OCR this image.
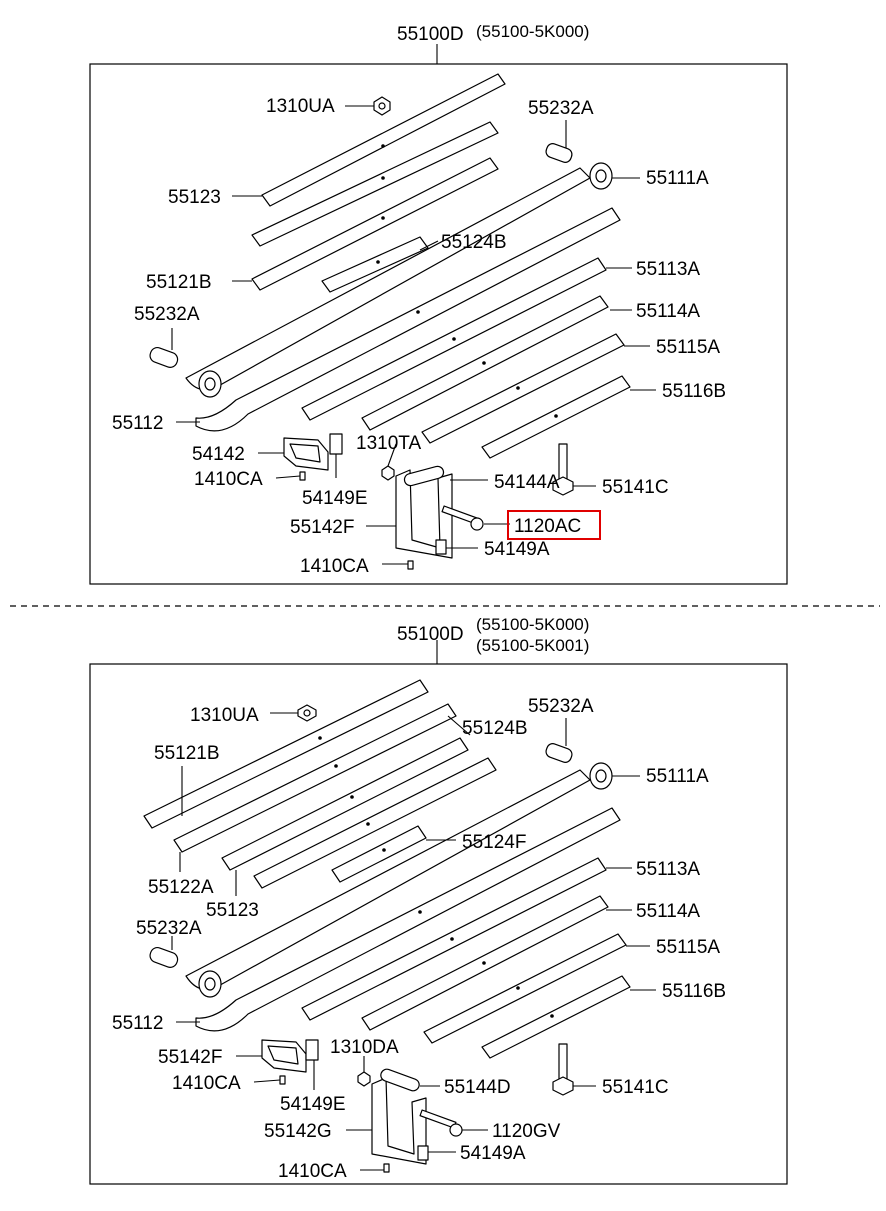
55100D (55100-5K000)
1310UA	55232A
55111A
55123
55124B
55121B
55113A
55232A	55114A
55115A
55116B
55112
54142
1310TA
1410CA	54144A 55141C
54149E
55142F	1120AC
54149A
1410CA
55100D (55100-5K000)
(55100-5K001)
1310UA	55232A
55121B
55124B
55111A
55124F
55122A
55123
55113A
55232A
55114A
55115A
55116B
55112
55142F	1310DA
1410CA	55144D	55141C
54149E
55142G	1120GV
54149A
1410CA
